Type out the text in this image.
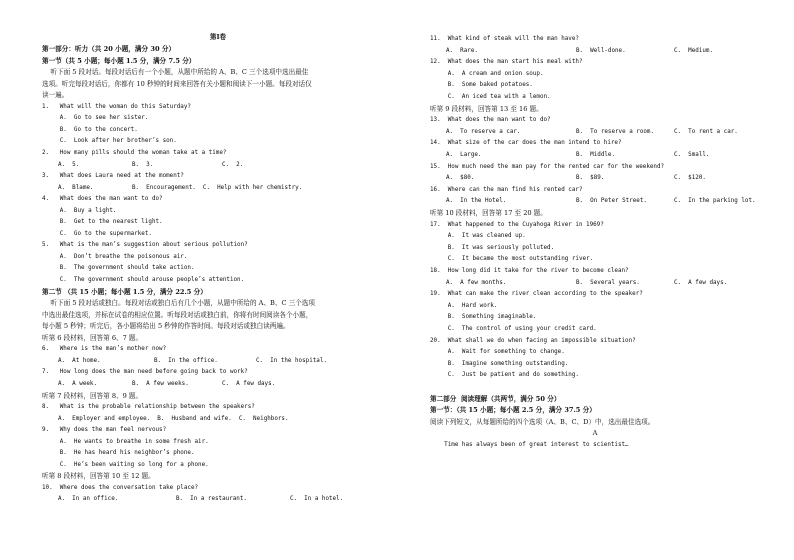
第Ⅰ卷
第一部分：听力（共 20 小题，满分 30 分）
第一节（共 5 小题；每小题 1.5 分，满分 7.5 分）
听下面 5 段对话。每段对话后有一个小题，从题中所给的 A、B、C 三个选项中选出最佳
选项。听完每段对话后，你都有 10 秒钟的时间来回答有关小题和阅读下一小题。每段对话仅
读一遍。
1.   What will the woman do this Saturday?
A.  Go to see her sister.
B.  Go to the concert.
C.  Look after her brother’s son.
2.   How many pills should the woman take at a time?
A.  5.	B.  3.	C.  2.
3.   What does Laura need at the moment?
A.  Blame.	B.  Encouragement.  C.  Help with her chemistry.
4.   What does the man want to do?
A.  Buy a light.
B.  Get to the nearest light.
C.  Go to the supermarket.
5.   What is the man’s suggestion about serious pollution?
A.  Don’t breathe the poisonous air.
B.  The government should take action.
C.  The government should arouse people’s attention.
第二节 （共 15 小题；每小题 1.5 分，满分 22.5 分）
听下面 5 段对话或独白。每段对话或独白后有几个小题，从题中所给的 A、B、C 三个选项
中选出最佳选项，并标在试卷的相应位置。听每段对话或独白前，你将有时间阅读各个小题，
每小题 5 秒钟；听完后，各小题将给出 5 秒钟的作答时间。每段对话或独白读两遍。
听第 6 段材料，回答第 6、7 题。
6.   Where is the man’s mother now?
A.  At home.	B.  In the office.	C.  In the hospital.
7.   How long does the man need before going back to work?
A.  A week.	B.  A few weeks.	C.  A few days.
听第 7 段材料，回答第 8、9 题。
8.   What is the probable relationship between the speakers?
A.  Employer and employee.  B.  Husband and wife.  C.  Neighbors.
9.   Why does the man feel nervous?
A.  He wants to breathe in some fresh air.
B.  He has heard his neighbor’s phone.
C.  He’s been waiting so long for a phone.
听第 8 段材料，回答第 10 至 12 题。
10.  Where does the conversation take place?
A.  In an office.	B.  In a restaurant.	C.  In a hotel.
11.  What kind of steak will the man have?
A.  Rare.	B.  Well-done.	C.  Medium.
12.  What does the man start his meal with?
A.  A cream and onion soup.
B.  Some baked potatoes.
C.  An iced tea with a lemon.
听第 9 段材料，回答第 13 至 16 题。
13.  What does the man want to do?
A.  To reserve a car.	B.  To reserve a room.	C.  To rent a car.
14.  What size of the car does the man intend to hire?
A.  Large.	B.  Middle.	C.  Small.
15.  How much need the man pay for the rented car for the weekend?
A.  $80.	B.  $89.	C.  $120.
16.  Where can the man find his rented car?
A.  In the Hotel.	B.  On Peter Street.	C.  In the parking lot.
听第 10 段材料，回答第 17 至 20 题。
17.  What happened to the Cuyahoga River in 1969?
A.  It was cleaned up.
B.  It was seriously polluted.
C.  It became the most outstanding river.
18.  How long did it take for the river to become clean?
A.  A few months.	B.  Several years.	C.  A few days.
19.  What can make the river clean according to the speaker?
A.  Hard work.
B.  Something imaginable.
C.  The control of using your credit card.
20.  What shall we do when facing an impossible situation?
A.  Wait for something to change.
B.  Imagine something outstanding.
C.  Just be patient and do something.
第二部分  阅读理解（共两节，满分 50 分）
第一节：（共 15 小题；每小题 2.5 分，满分 37.5 分）
阅读下列短文，从每题所给的四个选项（A、B、C、D）中，选出最佳选项。
A
Time has always been of great interest to scientist…
